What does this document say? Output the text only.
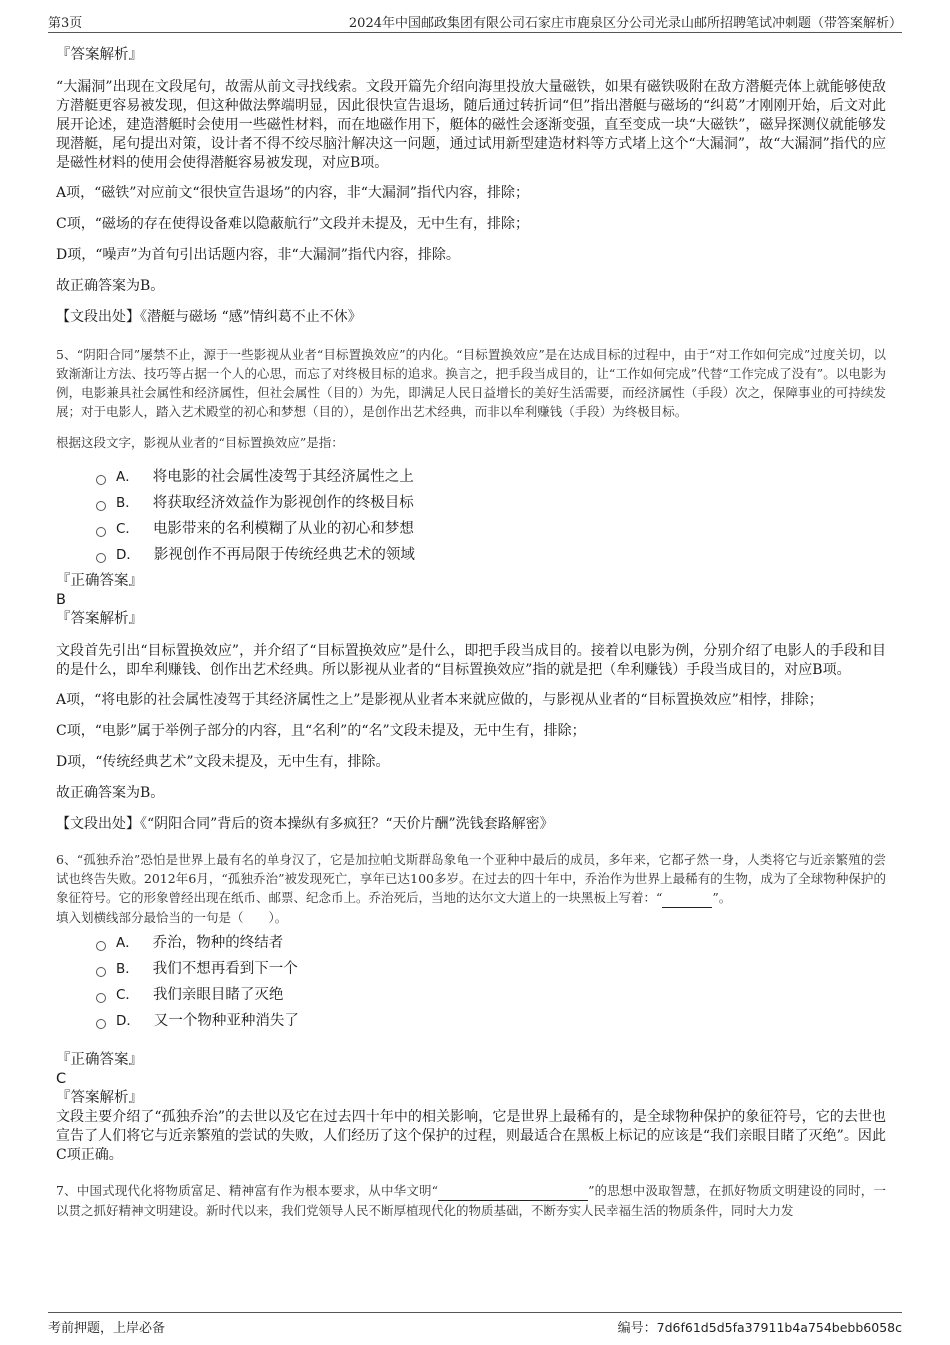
第3页	2024年中国邮政集团有限公司石家庄市鹿泉区分公司光录山邮所招聘笔试冲刺题（带答案解析）

『答案解析』

“大漏洞”出现在文段尾句，故需从前文寻找线索。文段开篇先介绍向海里投放大量磁铁，如果有磁铁吸附在敌方潜艇壳体上就能够使敌方潜艇更容易被发现，但这种做法弊端明显，因此很快宣告退场，随后通过转折词“但”指出潜艇与磁场的“纠葛”才刚刚开始，后文对此展开论述，建造潜艇时会使用一些磁性材料，而在地磁作用下，艇体的磁性会逐渐变强，直至变成一块“大磁铁”，磁异探测仪就能够发现潜艇，尾句提出对策，设计者不得不绞尽脑汁解决这一问题，通过试用新型建造材料等方式堵上这个“大漏洞”，故“大漏洞”指代的应是磁性材料的使用会使得潜艇容易被发现，对应B项。

A项，“磁铁”对应前文“很快宣告退场”的内容，非“大漏洞”指代内容，排除；

C项，“磁场的存在使得设备难以隐蔽航行”文段并未提及，无中生有，排除；

D项，“噪声”为首句引出话题内容，非“大漏洞”指代内容，排除。

故正确答案为B。

【文段出处】《潜艇与磁场 “感”情纠葛不止不休》

5、“阴阳合同”屡禁不止，源于一些影视从业者“目标置换效应”的内化。“目标置换效应”是在达成目标的过程中，由于“对工作如何完成”过度关切，以致渐渐让方法、技巧等占据一个人的心思，而忘了对终极目标的追求。换言之，把手段当成目的，让“工作如何完成”代替“工作完成了没有”。以电影为例，电影兼具社会属性和经济属性，但社会属性（目的）为先，即满足人民日益增长的美好生活需要，而经济属性（手段）次之，保障事业的可持续发展；对于电影人，踏入艺术殿堂的初心和梦想（目的），是创作出艺术经典，而非以牟利赚钱（手段）为终极目标。

根据这段文字，影视从业者的“目标置换效应”是指：

A． 将电影的社会属性凌驾于其经济属性之上
B． 将获取经济效益作为影视创作的终极目标
C． 电影带来的名利模糊了从业的初心和梦想
D． 影视创作不再局限于传统经典艺术的领域

『正确答案』

B

『答案解析』

文段首先引出“目标置换效应”，并介绍了“目标置换效应”是什么，即把手段当成目的。接着以电影为例，分别介绍了电影人的手段和目的是什么，即牟利赚钱、创作出艺术经典。所以影视从业者的“目标置换效应”指的就是把（牟利赚钱）手段当成目的，对应B项。

A项，“将电影的社会属性凌驾于其经济属性之上”是影视从业者本来就应做的，与影视从业者的“目标置换效应”相悖，排除；

C项，“电影”属于举例子部分的内容，且“名利”的“名”文段未提及，无中生有，排除；

D项，“传统经典艺术”文段未提及，无中生有，排除。

故正确答案为B。

【文段出处】《“阴阳合同”背后的资本操纵有多疯狂？“天价片酬”洗钱套路解密》

6、“孤独乔治”恐怕是世界上最有名的单身汉了，它是加拉帕戈斯群岛象龟一个亚种中最后的成员，多年来，它都孑然一身，人类将它与近亲繁殖的尝试也终告失败。2012年6月，“孤独乔治”被发现死亡，享年已达100多岁。在过去的四十年中，乔治作为世界上最稀有的生物，成为了全球物种保护的象征符号。它的形象曾经出现在纸币、邮票、纪念币上。乔治死后，当地的达尔文大道上的一块黑板上写着：“	”。

填入划横线部分最恰当的一句是（　　）。

A． 乔治，物种的终结者
B． 我们不想再看到下一个
C． 我们亲眼目睹了灭绝
D． 又一个物种亚种消失了

『正确答案』

C

『答案解析』

文段主要介绍了“孤独乔治”的去世以及它在过去四十年中的相关影响，它是世界上最稀有的，是全球物种保护的象征符号，它的去世也宣告了人们将它与近亲繁殖的尝试的失败，人们经历了这个保护的过程，则最适合在黑板上标记的应该是“我们亲眼目睹了灭绝”。因此C项正确。

7、中国式现代化将物质富足、精神富有作为根本要求，从中华文明“	”的思想中汲取智慧，在抓好物质文明建设的同时，一以贯之抓好精神文明建设。新时代以来，我们党领导人民不断厚植现代化的物质基础，不断夯实人民幸福生活的物质条件，同时大力发

考前押题，上岸必备	编号：7d6f61d5d5fa37911b4a754bebb6058c
